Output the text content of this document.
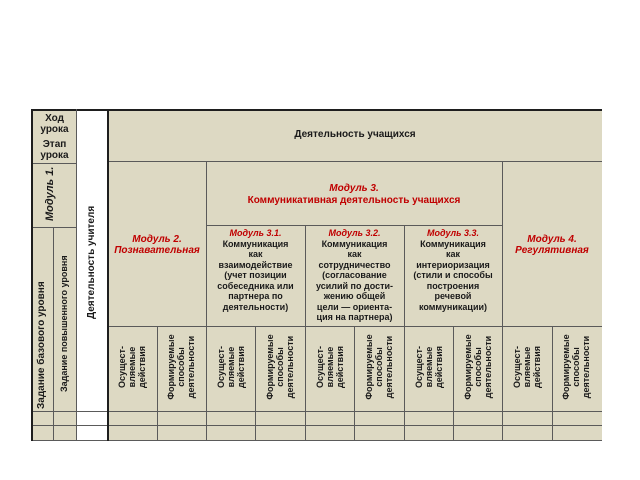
Ход урока
Этап урока
Модуль 1.
Задание базового уровня Задание повышенного уровня Деятельность учителя
Деятельность учащихся
Модуль 3.
Коммуникативная деятельность учащихся
Модуль 2.
Познавательная
Модуль 4.
Регулятивная
Модуль 3.1.
Коммуникация
как
взаимодействие
(учет позиции
собеседника или
партнера по
деятельности)
Модуль 3.2.
Коммуникация
как
сотрудничество
(согласование
усилий по дости-
жению общей
цели — ориента-
ция на партнера)
Модуль 3.3.
Коммуникация
как
интериоризация
(стили и способы
построения
речевой
коммуникации)
Осущест-
вляемые
действия Формируемые
способы
деятельности Осущест-
вляемые
действия Формируемые
способы
деятельности Осущест-
вляемые
действия Формируемые
способы
деятельности Осущест-
вляемые
действия Формируемые
способы
деятельности Осущест-
вляемые
действия Формируемые
способы
деятельности
